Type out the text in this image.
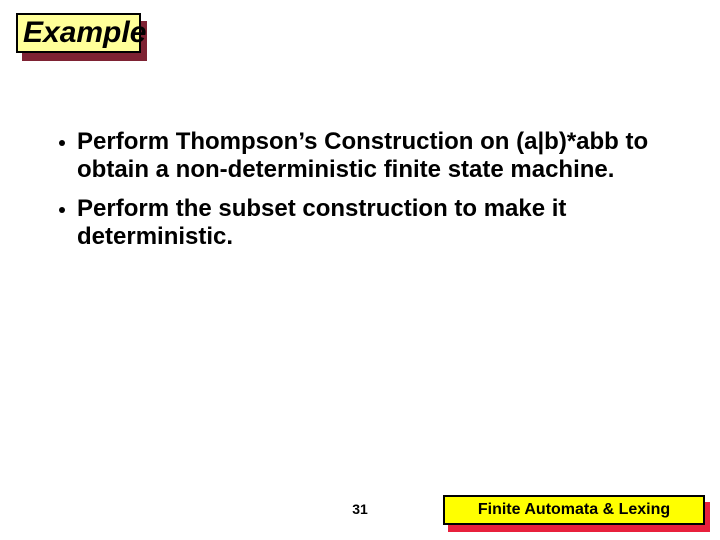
Example
Perform Thompson’s Construction on (a|b)*abb to obtain a non-deterministic finite state machine.
Perform the subset construction to make it deterministic.
31	Finite Automata & Lexing
